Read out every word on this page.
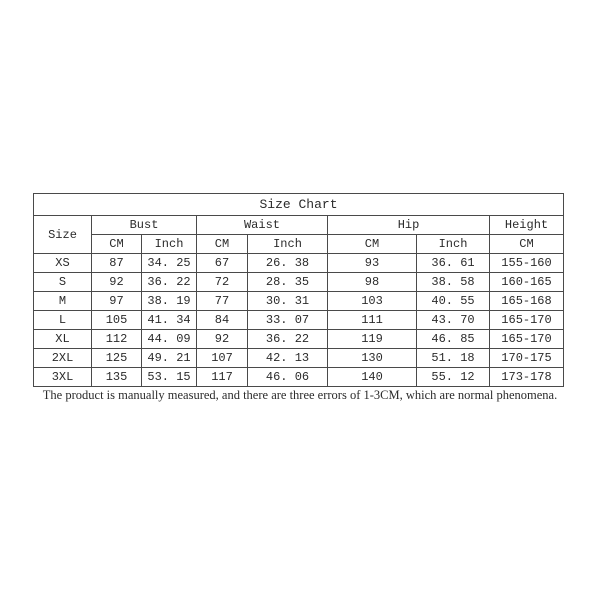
Size Chart							
Size	Bust		Waist		Hip		Height
	CM	Inch	CM	Inch	CM	Inch	CM
XS	87	34. 25	67	26. 38	93	36. 61	155-160
S	92	36. 22	72	28. 35	98	38. 58	160-165
M	97	38. 19	77	30. 31	103	40. 55	165-168
L	105	41. 34	84	33. 07	111	43. 70	165-170
XL	112	44. 09	92	36. 22	119	46. 85	165-170
2XL	125	49. 21	107	42. 13	130	51. 18	170-175
3XL	135	53. 15	117	46. 06	140	55. 12	173-178
The product is manually measured, and there are three errors of 1-3CM, which are normal phenomena.
